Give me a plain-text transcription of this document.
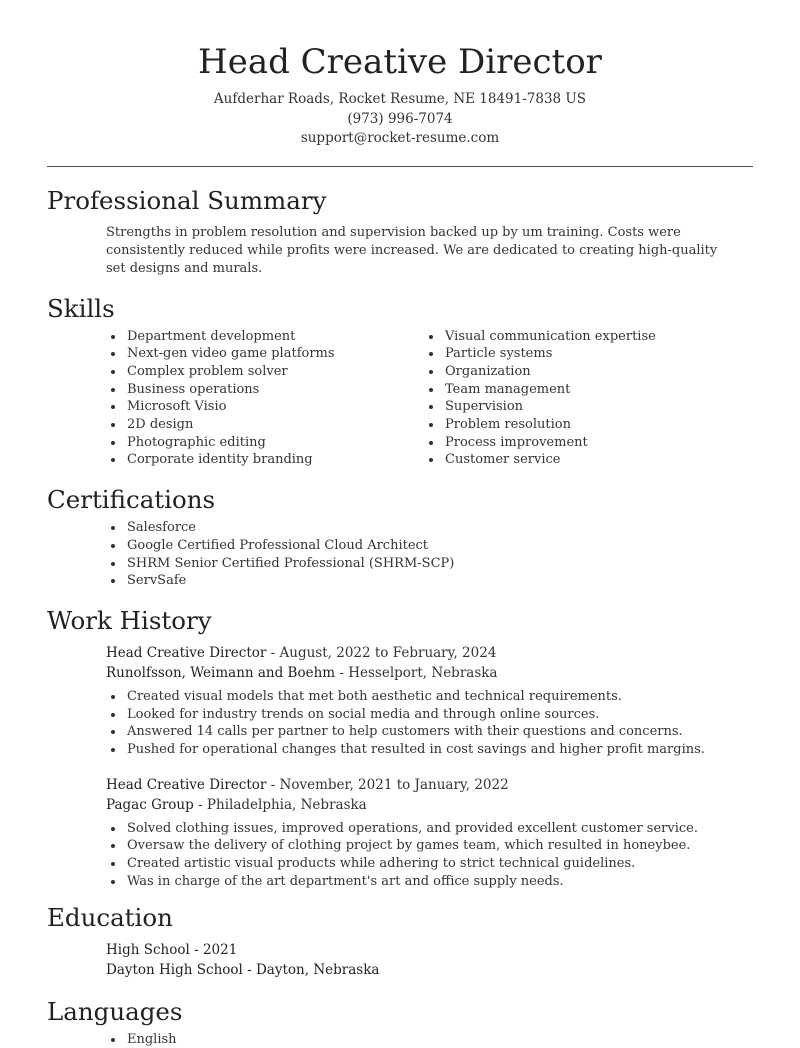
Head Creative Director
Aufderhar Roads, Rocket Resume, NE 18491-7838 US
(973) 996-7074
support@rocket-resume.com
Professional Summary
Strengths in problem resolution and supervision backed up by um training. Costs were consistently reduced while profits were increased. We are dedicated to creating high-quality set designs and murals.
Skills
Department development
Next-gen video game platforms
Complex problem solver
Business operations
Microsoft Visio
2D design
Photographic editing
Corporate identity branding
Visual communication expertise
Particle systems
Organization
Team management
Supervision
Problem resolution
Process improvement
Customer service
Certifications
Salesforce
Google Certified Professional Cloud Architect
SHRM Senior Certified Professional (SHRM-SCP)
ServSafe
Work History
Head Creative Director - August, 2022 to February, 2024
Runolfsson, Weimann and Boehm - Hesselport, Nebraska
Created visual models that met both aesthetic and technical requirements.
Looked for industry trends on social media and through online sources.
Answered 14 calls per partner to help customers with their questions and concerns.
Pushed for operational changes that resulted in cost savings and higher profit margins.
Head Creative Director - November, 2021 to January, 2022
Pagac Group - Philadelphia, Nebraska
Solved clothing issues, improved operations, and provided excellent customer service.
Oversaw the delivery of clothing project by games team, which resulted in honeybee.
Created artistic visual products while adhering to strict technical guidelines.
Was in charge of the art department's art and office supply needs.
Education
High School - 2021
Dayton High School - Dayton, Nebraska
Languages
English
